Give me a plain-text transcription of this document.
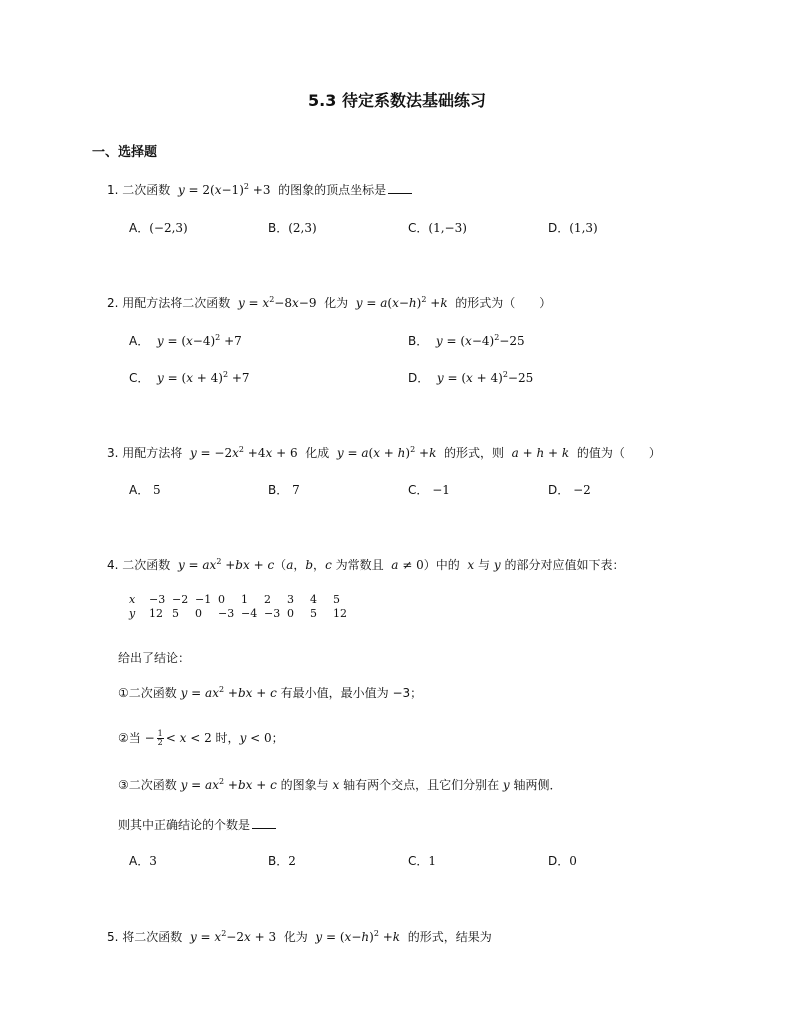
5.3 待定系数法基础练习
一、选择题
1. 二次函数  $y = 2(x-1)^2 +3$  的图象的顶点坐标是
A．(−2,3)	B．(2,3)	C．(1,−3)	D．(1,3)
2. 用配方法将二次函数  $y = x^2-8x-9$  化为  $y = a(x-h)^2 +k$ 的形式为（　　）
A． $y = (x-4)^2 +7$	B． $y = (x-4)^2-25$
C． $y = (x + 4)^2 +7$	D． $y = (x + 4)^2-25$
3. 用配方法将  $y = -2x^2 +4x + 6$  化成  $y = a(x + h)^2 +k$ 的形式，则  a + h + k 的值为（　　）
A． 5	B． 7	C． −1	D． −2
4. 二次函数  $y = ax^2 +bx + c(a$，b，c 为常数且  a ≠ 0）中的  x 与 y 的部分对应值如下表：
x	−3	−2	−1	0	1	2	3	4	5
y	12	5	0	−3	−4	−3	0	5	12
给出了结论：
①二次函数 $y = ax^2 +bx + c$ 有最小值，最小值为 −3；
②当 − $\frac{1}{2} < x < 2$ 时，y < 0；
③二次函数 $y = ax^2 +bx + c$ 的图象与 x 轴有两个交点，且它们分别在 y 轴两侧．
则其中正确结论的个数是
A．3	B．2	C．1	D．0
5. 将二次函数  $y = x^2-2x + 3$  化为  $y = (x-h)^2 +k$ 的形式，结果为
